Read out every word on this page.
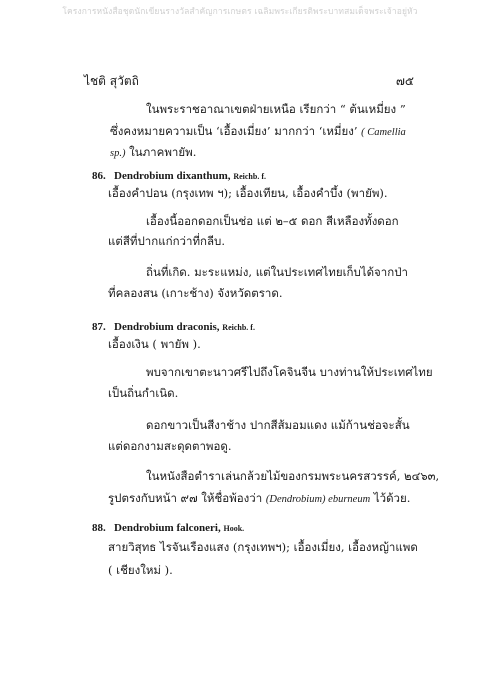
โครงการหนังสือชุดนักเขียนรางวัลสำคัญการเกษตร เฉลิมพระเกียรติพระบาทสมเด็จพระเจ้าอยู่หัว
ไชติ สุวัตถิ	๗๕
ในพระราชอาณาเขตฝ่ายเหนือ เรียกว่า “ ต้นเหมี่ยง ”
ซึ่งคงหมายความเป็น ‘เอื้องเมี่ยง’ มากกว่า ‘เหมี่ยง’ ( Camellia
sp.) ในภาคพายัพ.
86. Dendrobium dixanthum, Reichb. f.
เอื้องคำปอน (กรุงเทพ ฯ); เอื้องเทียน, เอื้องคำบึ้ง (พายัพ).
เอื้องนี้ออกดอกเป็นช่อ แต่ ๒–๕ ดอก สีเหลืองทั้งดอก
แต่สีที่ปากแก่กว่าที่กลีบ.
ถิ่นที่เกิด. มะระแหม่ง, แต่ในประเทศไทยเก็บได้จากป่า
ที่คลองสน (เกาะช้าง) จังหวัดตราด.
87. Dendrobium draconis, Reichb. f.
เอื้องเงิน ( พายัพ ).
พบจากเขาตะนาวศรีไปถึงโคจินจีน บางท่านให้ประเทศไทย
เป็นถิ่นกำเนิด.
ดอกขาวเป็นสีงาช้าง ปากสีส้มอมแดง แม้ก้านช่อจะสั้น
แต่ดอกงามสะดุดตาพอดู.
ในหนังสือตำราเล่นกล้วยไม้ของกรมพระนครสวรรค์, ๒๔๖๓,
รูปตรงกับหน้า ๙๗ ให้ชื่อพ้องว่า (Dendrobium) eburneum ไว้ด้วย.
88. Dendrobium falconeri, Hook.
สายวิสุทธ ไรจันเรืองแสง (กรุงเทพฯ); เอื้องเมี่ยง, เอื้องหญ้าแพด
( เชียงใหม่ ).
